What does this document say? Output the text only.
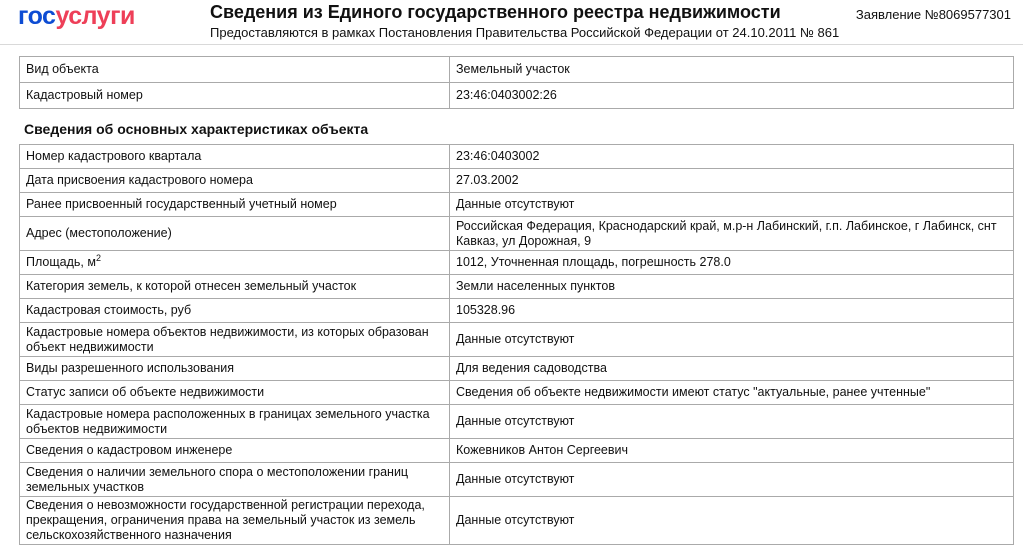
госуслуги	Сведения из Единого государственного реестра недвижимости
Предоставляются в рамках Постановления Правительства Российской Федерации от 24.10.2011 № 861
Заявление №8069577301
Вид объекта	Земельный участок
Кадастровый номер	23:46:0403002:26
Сведения об основных характеристиках объекта
Номер кадастрового квартала	23:46:0403002
Дата присвоения кадастрового номера	27.03.2002
Ранее присвоенный государственный учетный номер	Данные отсутствуют
Адрес (местоположение)	Российская Федерация, Краснодарский край, м.р-н Лабинский, г.п. Лабинское, г Лабинск, снт Кавказ, ул Дорожная, 9
Площадь, $м^2$	1012, Уточненная площадь, погрешность 278.0
Категория земель, к которой отнесен земельный участок	Земли населенных пунктов
Кадастровая стоимость, руб	105328.96
Кадастровые номера объектов недвижимости, из которых образован объект недвижимости	Данные отсутствуют
Виды разрешенного использования	Для ведения садоводства
Статус записи об объекте недвижимости	Сведения об объекте недвижимости имеют статус "актуальные, ранее учтенные"
Кадастровые номера расположенных в границах земельного участка объектов недвижимости	Данные отсутствуют
Сведения о кадастровом инженере	Кожевников Антон Сергеевич
Сведения о наличии земельного спора о местоположении границ земельных участков	Данные отсутствуют
Сведения о невозможности государственной регистрации перехода, прекращения, ограничения права на земельный участок из земель сельскохозяйственного назначения	Данные отсутствуют
